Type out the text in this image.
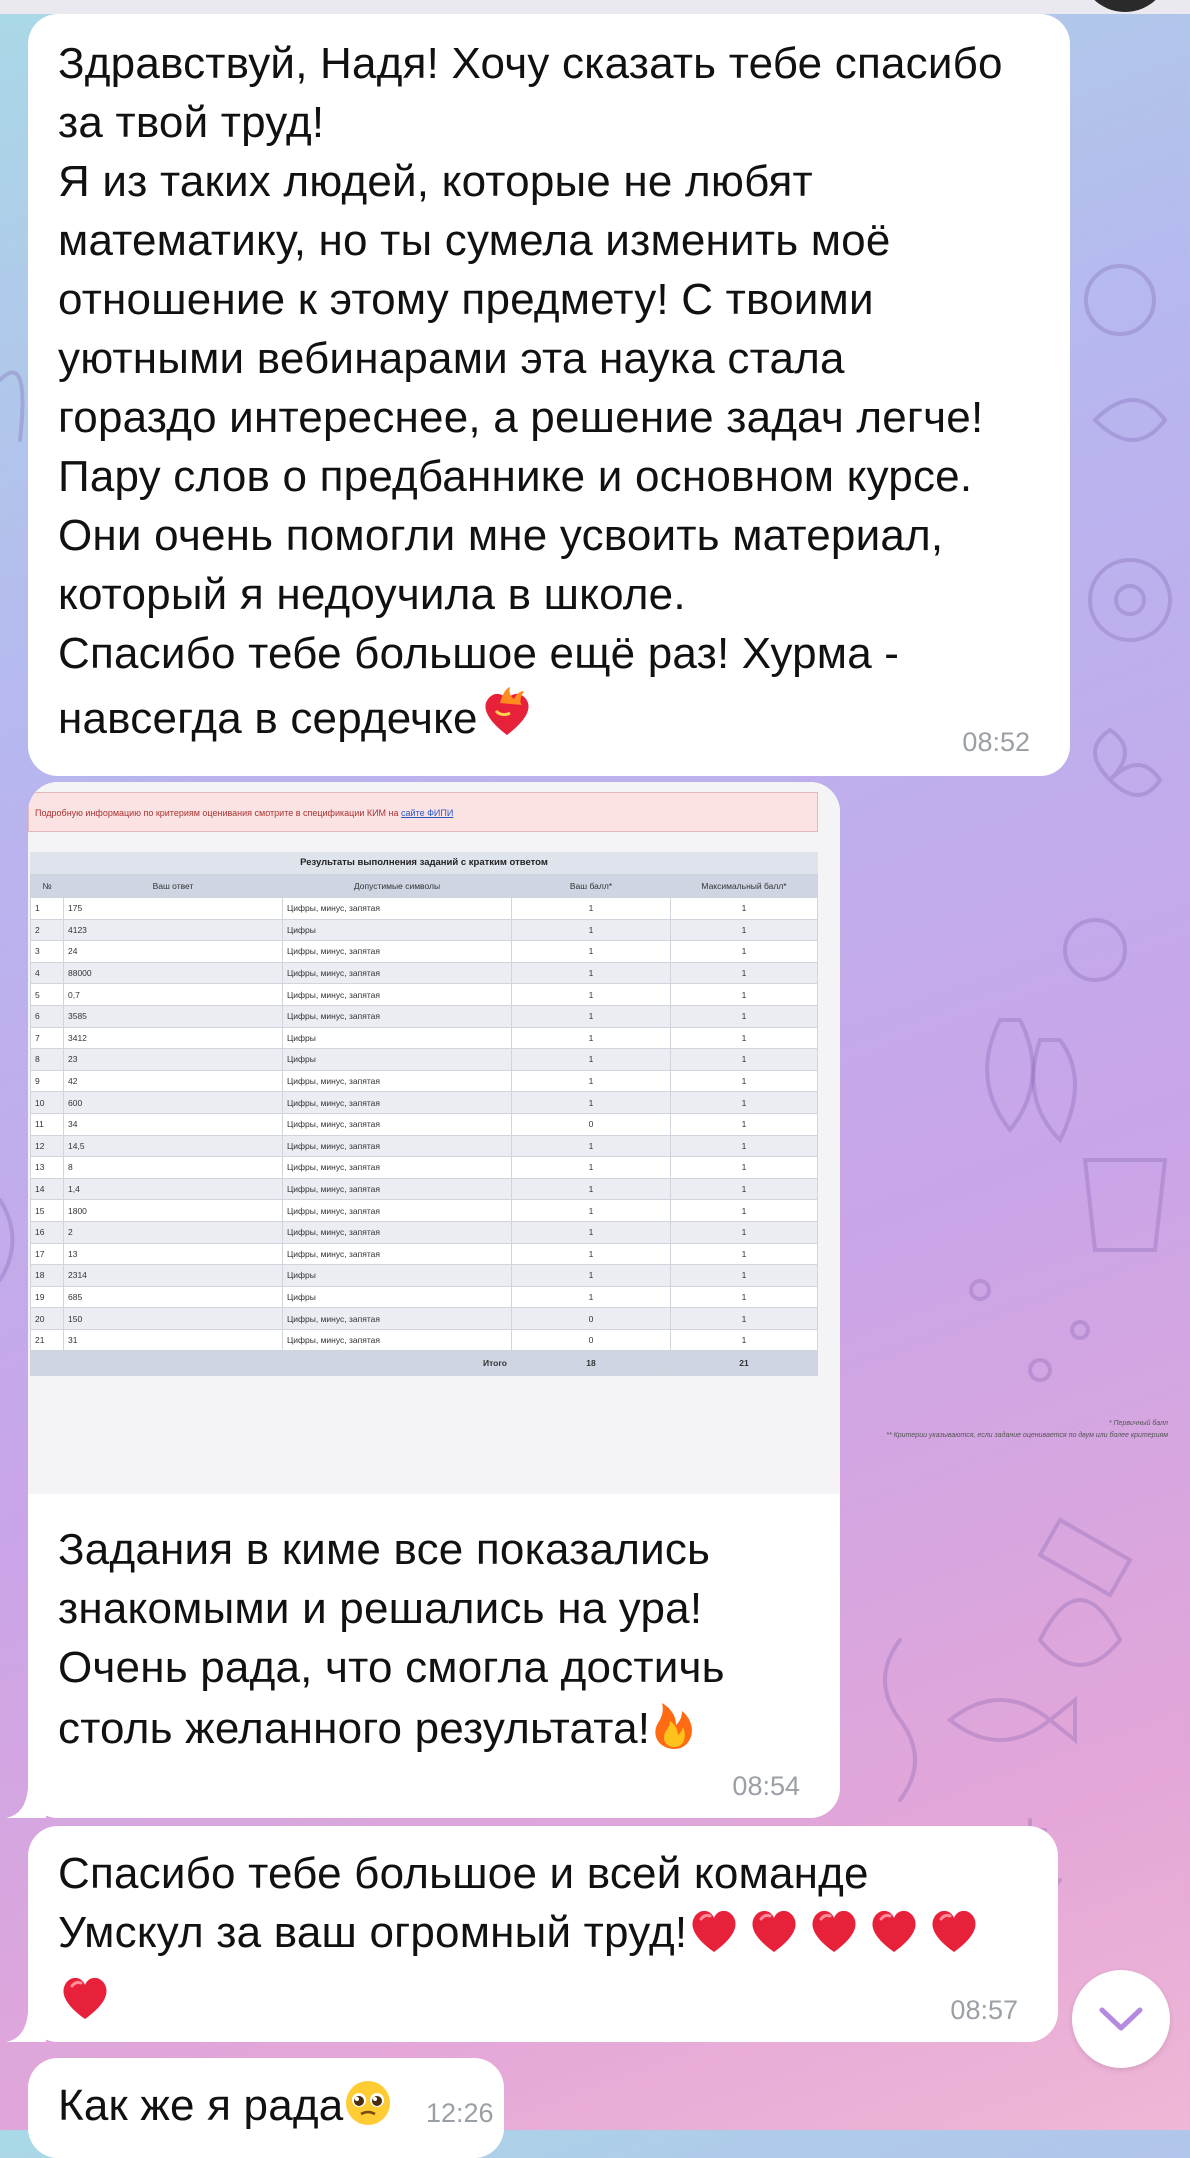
Здравствуй, Надя! Хочу сказать тебе спасибо
за твой труд!
Я из таких людей, которые не любят
математику, но ты сумела изменить моё
отношение к этому предмету! С твоими
уютными вебинарами эта наука стала
гораздо интереснее, а решение задач легче!
Пару слов о предбаннике и основном курсе.
Они очень помогли мне усвоить материал,
который я недоучила в школе.
Спасибо тебе большое ещё раз! Хурма -
навсегда в сердечке	08:52
Подробную информацию по критериям оценивания смотрите в спецификации КИМ на сайте ФИПИ
Результаты выполнения заданий с кратким ответом
№	Ваш ответ	Допустимые символы	Ваш балл*	Максимальный балл*
1	175	Цифры, минус, запятая	1	1
2	4123	Цифры	1	1
3	24	Цифры, минус, запятая	1	1
4	88000	Цифры, минус, запятая	1	1
5	0,7	Цифры, минус, запятая	1	1
6	3585	Цифры, минус, запятая	1	1
7	3412	Цифры	1	1
8	23	Цифры	1	1
9	42	Цифры, минус, запятая	1	1
10	600	Цифры, минус, запятая	1	1
11	34	Цифры, минус, запятая	0	1
12	14,5	Цифры, минус, запятая	1	1
13	8	Цифры, минус, запятая	1	1
14	1,4	Цифры, минус, запятая	1	1
15	1800	Цифры, минус, запятая	1	1
16	2	Цифры, минус, запятая	1	1
17	13	Цифры, минус, запятая	1	1
18	2314	Цифры	1	1
19	685	Цифры	1	1
20	150	Цифры, минус, запятая	0	1
21	31	Цифры, минус, запятая	0	1
Итого			18	21
* Первичный балл
** Критерии указываются, если задание оценивается по двум или более критериям
Задания в киме все показались
знакомыми и решались на ура!
Очень рада, что смогла достичь
столь желанного результата!
08:54
Спасибо тебе большое и всей команде
Умскул за ваш огромный труд!
08:57
Как же я рада	12:26
